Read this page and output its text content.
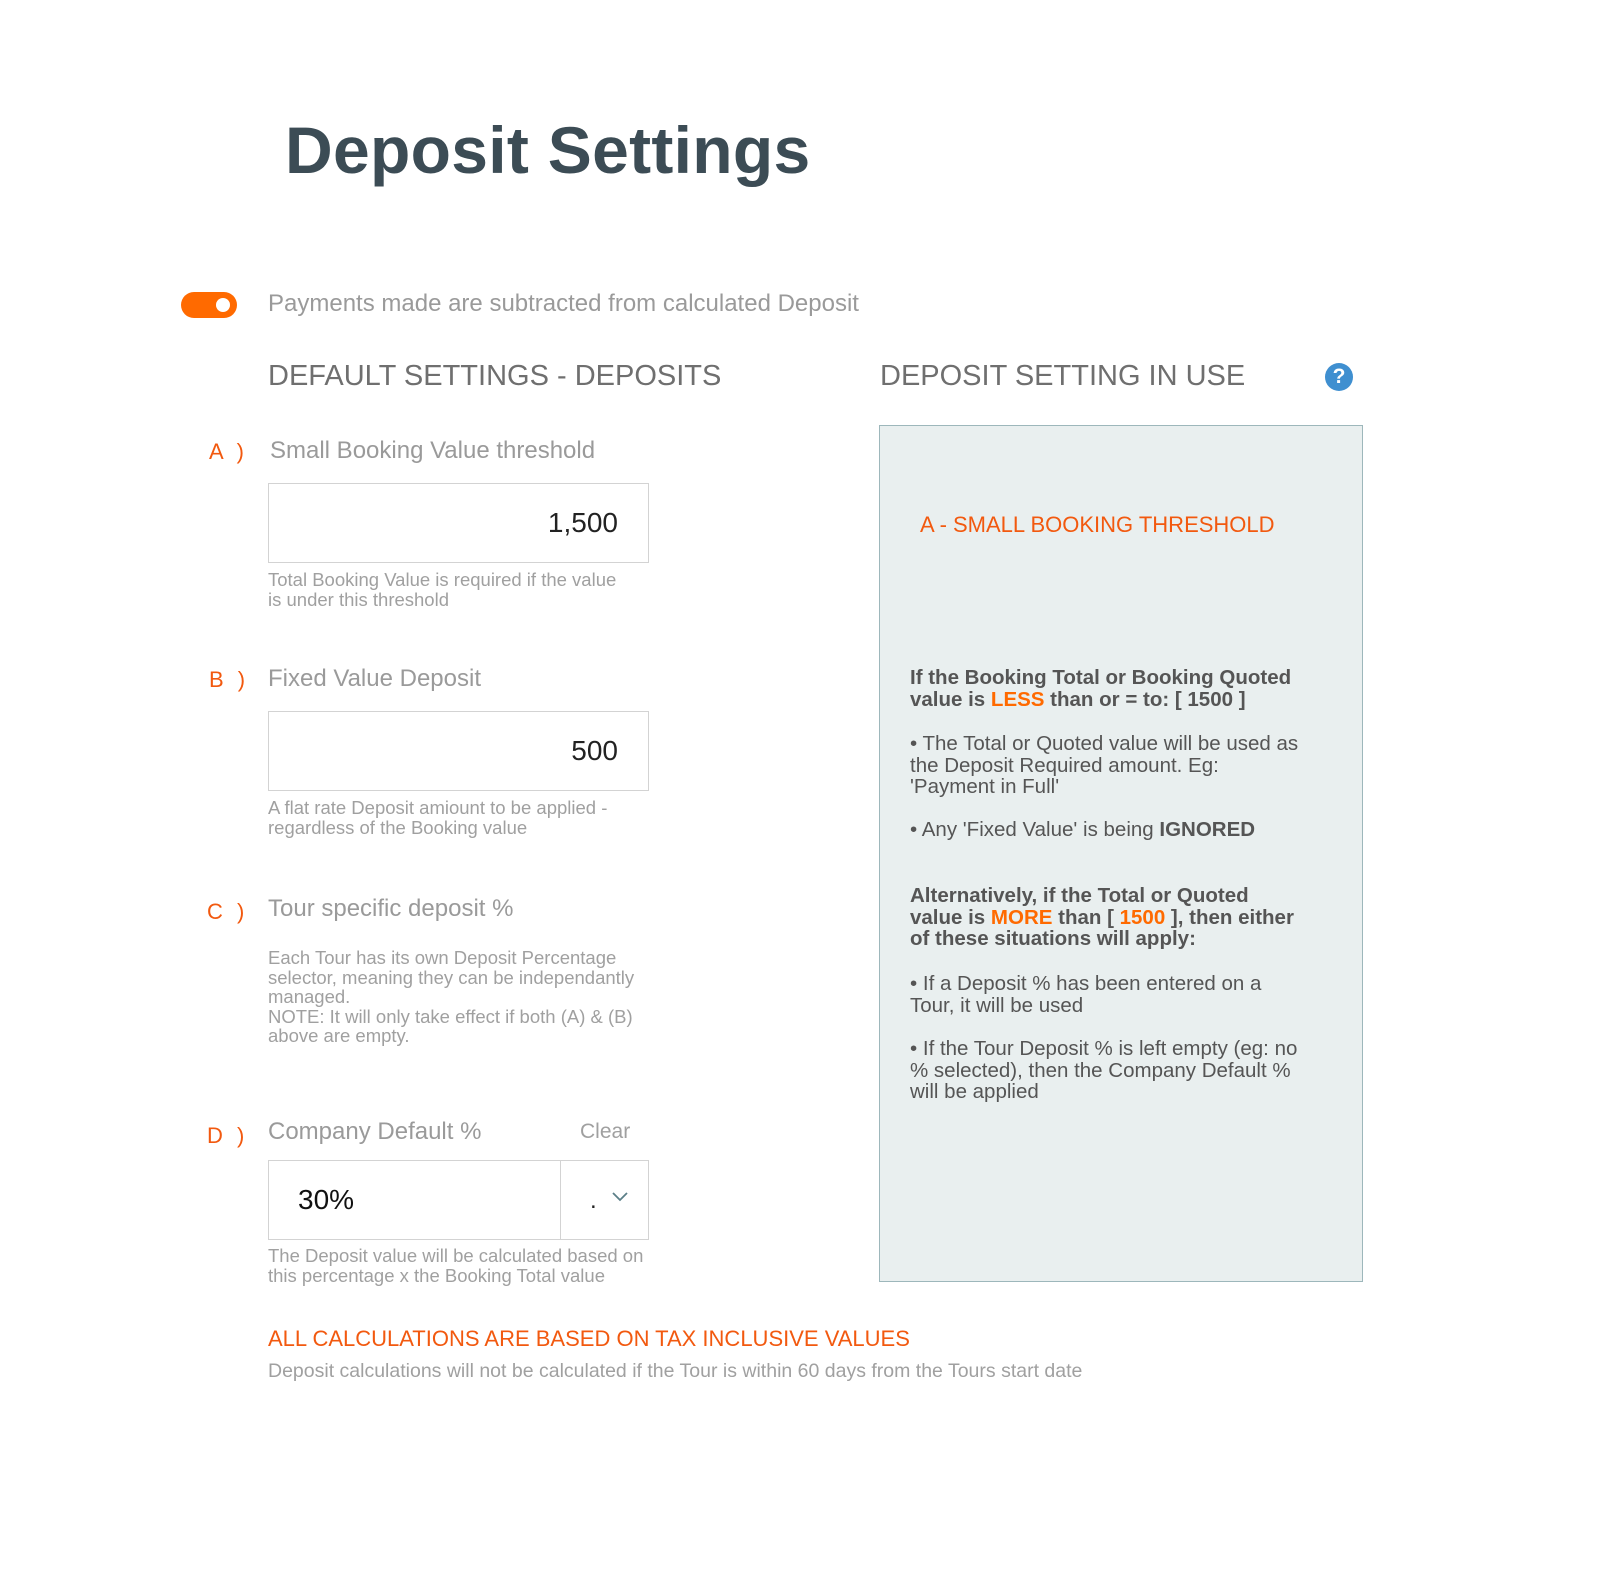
Deposit Settings
Payments made are subtracted from calculated Deposit
DEFAULT SETTINGS - DEPOSITS	DEPOSIT SETTING IN USE	?
A ) Small Booking Value threshold
1,500
Total Booking Value is required if the value
is under this threshold
B ) Fixed Value Deposit
500
A flat rate Deposit amiount to be applied -
regardless of the Booking value
C ) Tour specific deposit %
Each Tour has its own Deposit Percentage
selector, meaning they can be independantly
managed.
NOTE: It will only take effect if both (A) & (B)
above are empty.
D ) Company Default %	Clear
30%	.
The Deposit value will be calculated based on
this percentage x the Booking Total value
A - SMALL BOOKING THRESHOLD
If the Booking Total or Booking Quoted
value is LESS than or = to: [ 1500 ]
• The Total or Quoted value will be used as
the Deposit Required amount. Eg:
'Payment in Full'
• Any 'Fixed Value' is being IGNORED
Alternatively, if the Total or Quoted
value is MORE than [ 1500 ], then either
of these situations will apply:
• If a Deposit % has been entered on a
Tour, it will be used
• If the Tour Deposit % is left empty (eg: no
% selected), then the Company Default %
will be applied
ALL CALCULATIONS ARE BASED ON TAX INCLUSIVE VALUES
Deposit calculations will not be calculated if the Tour is within 60 days from the Tours start date
